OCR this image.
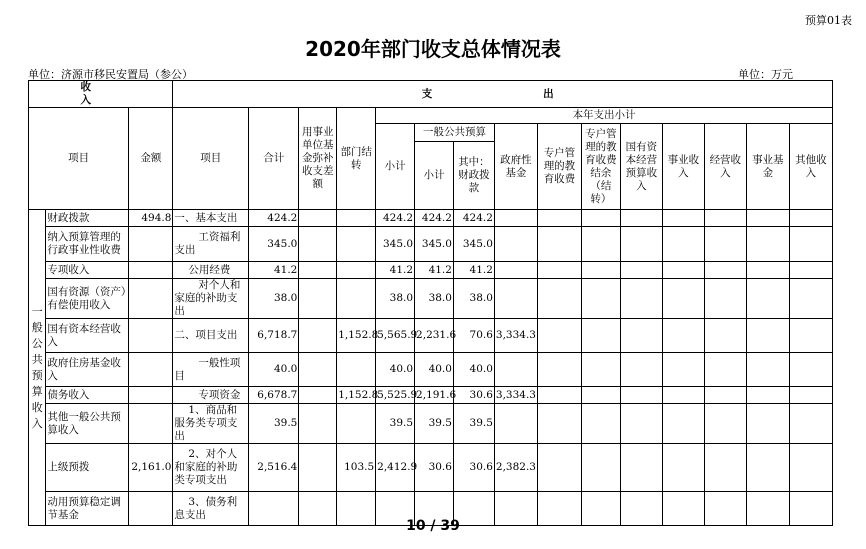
预算01表
2020年部门收支总体情况表
单位：济源市移民安置局（参公）	单位：万元
收　　入			支　　出														
项目		金额	项目	合计	用事业单位基金弥补收支差额	部门结转	本年支出小计										
							小计	一般公共预算		政府性基金	专户管理的教育收费	专户管理的教育收费结余（结转）	国有资本经营预算收入	事业收入	经营收入	事业基金	其他收入
								小计	其中：财政拨款								

一般公共预算收入	财政拨款	494.8	一、基本支出	424.2			424.2	424.2	424.2								
	纳入预算管理的行政事业性收费		工资福利支出	345.0			345.0	345.0	345.0								
	专项收入		公用经费	41.2			41.2	41.2	41.2								
	国有资源（资产）有偿使用收入		对个人和家庭的补助支出	38.0			38.0	38.0	38.0								
	国有资本经营收入		二、项目支出	6,718.7		1,152.8	5,565.9	2,231.6	70.6	3,334.3							
	政府住房基金收入		一般性项目	40.0			40.0	40.0	40.0								
	债务收入		专项资金	6,678.7		1,152.8	5,525.9	2,191.6	30.6	3,334.3							
	其他一般公共预算收入		1、商品和服务类专项支出	39.5			39.5	39.5	39.5								
	上级预拨	2,161.0	2、对个人和家庭的补助类专项支出	2,516.4		103.5	2,412.9	30.6	30.6	2,382.3							
	动用预算稳定调节基金		3、债务利息支出														
10 / 39
